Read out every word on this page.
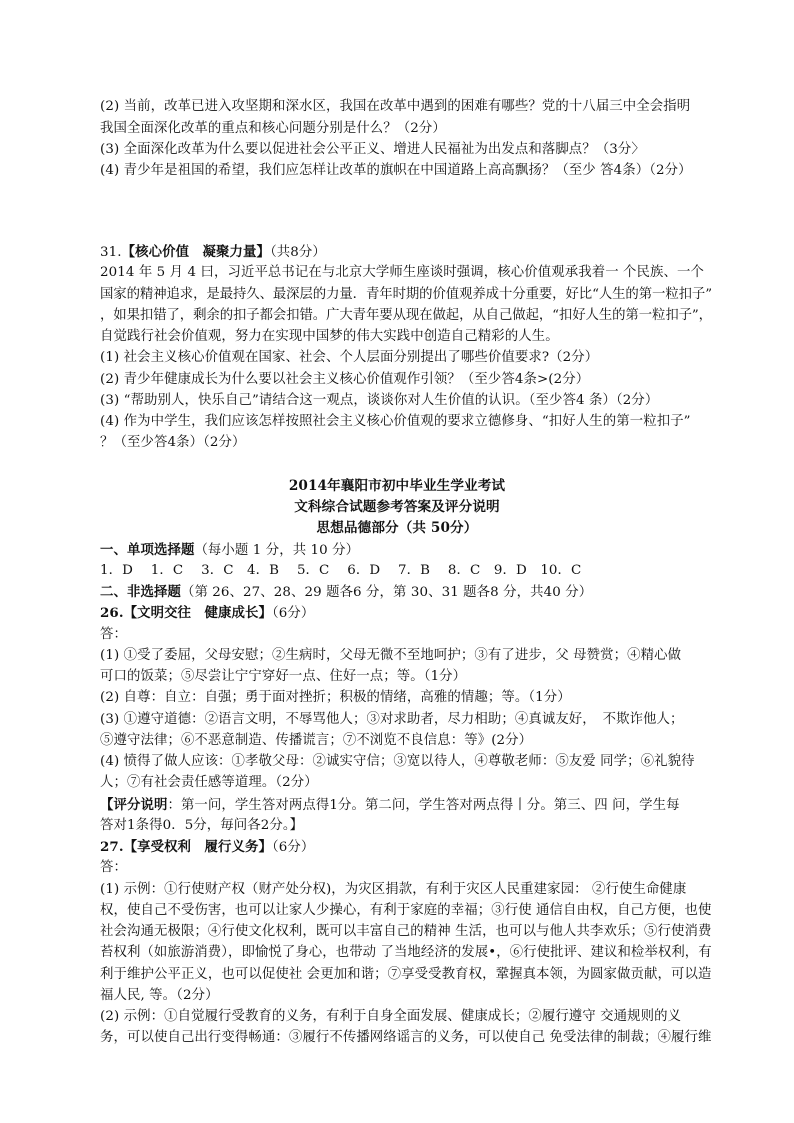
(2) 当前，改革已进入攻坚期和深水区，我国在改革中遇到的困难有哪些？党的十八届三中全会指明
我国全面深化改革的重点和核心问题分别是什么？（2分）
(3) 全面深化改革为什么要以促进社会公平正义、增进人民福祉为出发点和落脚点？（3分〉
(4) 青少年是祖国的希望，我们应怎样让改革的旗帜在中国道路上高高飘扬？（至少 答4条）（2分）
31.【核心价值　凝聚力量】（共8分）
2014 年 5 月 4 曰，习近平总书记在与北京大学师生座谈时强调，核心价值观承我着一 个民族、一个
国家的精神追求，是最持久、最深层的力量．青年时期的价值观养成十分重要，好比“人生的第一粒扣子”
，如果扣错了，剩余的扣子都会扣错。广大青年要从现在做起，从自己做起，“扣好人生的第一粒扣子”，
自觉践行社会价值观，努力在实现中国梦的伟大实践中创造自己精彩的人生。
(1) 社会主义核心价值观在国家、社会、个人层面分别提出了哪些价值要求?（2分）
(2) 青少年健康成长为什么要以社会主义核心价值观作引领？（至少答4条>(2分）
(3) “帮助别人，快乐自己”请结合这一观点，谈谈你对人生价值的认识。（至少答4 条）（2分）
(4) 作为中学生，我们应该怎样按照社会主义核心价值观的要求立德修身、“扣好人生的第一粒扣子”
？（至少答4条）（2分）
2014年襄阳市初中毕业生学业考试
文科综合试题参考答案及评分说明
思想品德部分（共 50分）
一、单项选择题（每小题 1 分，共 10 分）
1．D　 1．C　 3．C　4．B　 5．C　 6．D　 7．B　 8．C　9．D　10．C
二、非选择题（第 26、27、28、29 题各6 分，第 30、31 题各8 分，共40 分）
26.【文明交往　健康成长】（6分）
答：
(1) ①受了委屈，父母安慰；②生病时，父母无微不至地呵护；③有了进步，父 母赞赏；④精心做
可口的饭菜；⑤尽尝让宁宁穿好一点、住好一点；等。（1分）
(2) 自尊：自立：自强；勇于面对挫折；积极的情绪，高雅的情趣；等。（1分）
(3) ①遵守道德：②语言文明，不辱骂他人；③对求助者，尽力相助；④真诚友好，　不欺诈他人；
⑤遵守法律；⑥不恶意制造、传播谎言；⑦不浏览不良信息：等》(2分）
(4) 愤得了做人应该：①孝敬父母：②诚实守信；③宽以待人，④尊敬老师：⑤友爱 同学；⑥礼貌待
人；⑦有社会责任感等道理。（2分）
【评分说明：第一问，学生答对两点得1分。第二问，学生答对两点得丨分。第三、四 问，学生每
答对1条得0．5分，毎问各2分。】
27.【享受权利　履行义务】（6分）
答：
(1) 示例：①行使财产权（财产处分权)，为灾区捐款，有利于灾区人民重建家园： ②行使生命健康
权，使自己不受伤害，也可以让家人少操心，有利于家庭的幸福；③行使 通信自由权，自己方便，也使
社会沟通无极限；④行使文化权利，既可以丰富自己的精神 生活，也可以与他人共李欢乐；⑤行使消费
苔权利（如旅游消费），即愉悦了身心，也带动 了当地经济的发展•，⑥行使批评、建议和检举权利，有
利于维护公平正义，也可以促使社 会更加和谐；⑦享受受教育权，鞏握真本领，为圆家做贡献，可以造
福人民, 等。（2分）
(2) 示例：①自觉履行受教育的义务，有利于自身全面发展、健康成长；②履行遵守 交通规则的义
务，可以使自己出行变得畅通：③履行不传播网络谣言的义务，可以使自己 免受法律的制裁；④履行维
